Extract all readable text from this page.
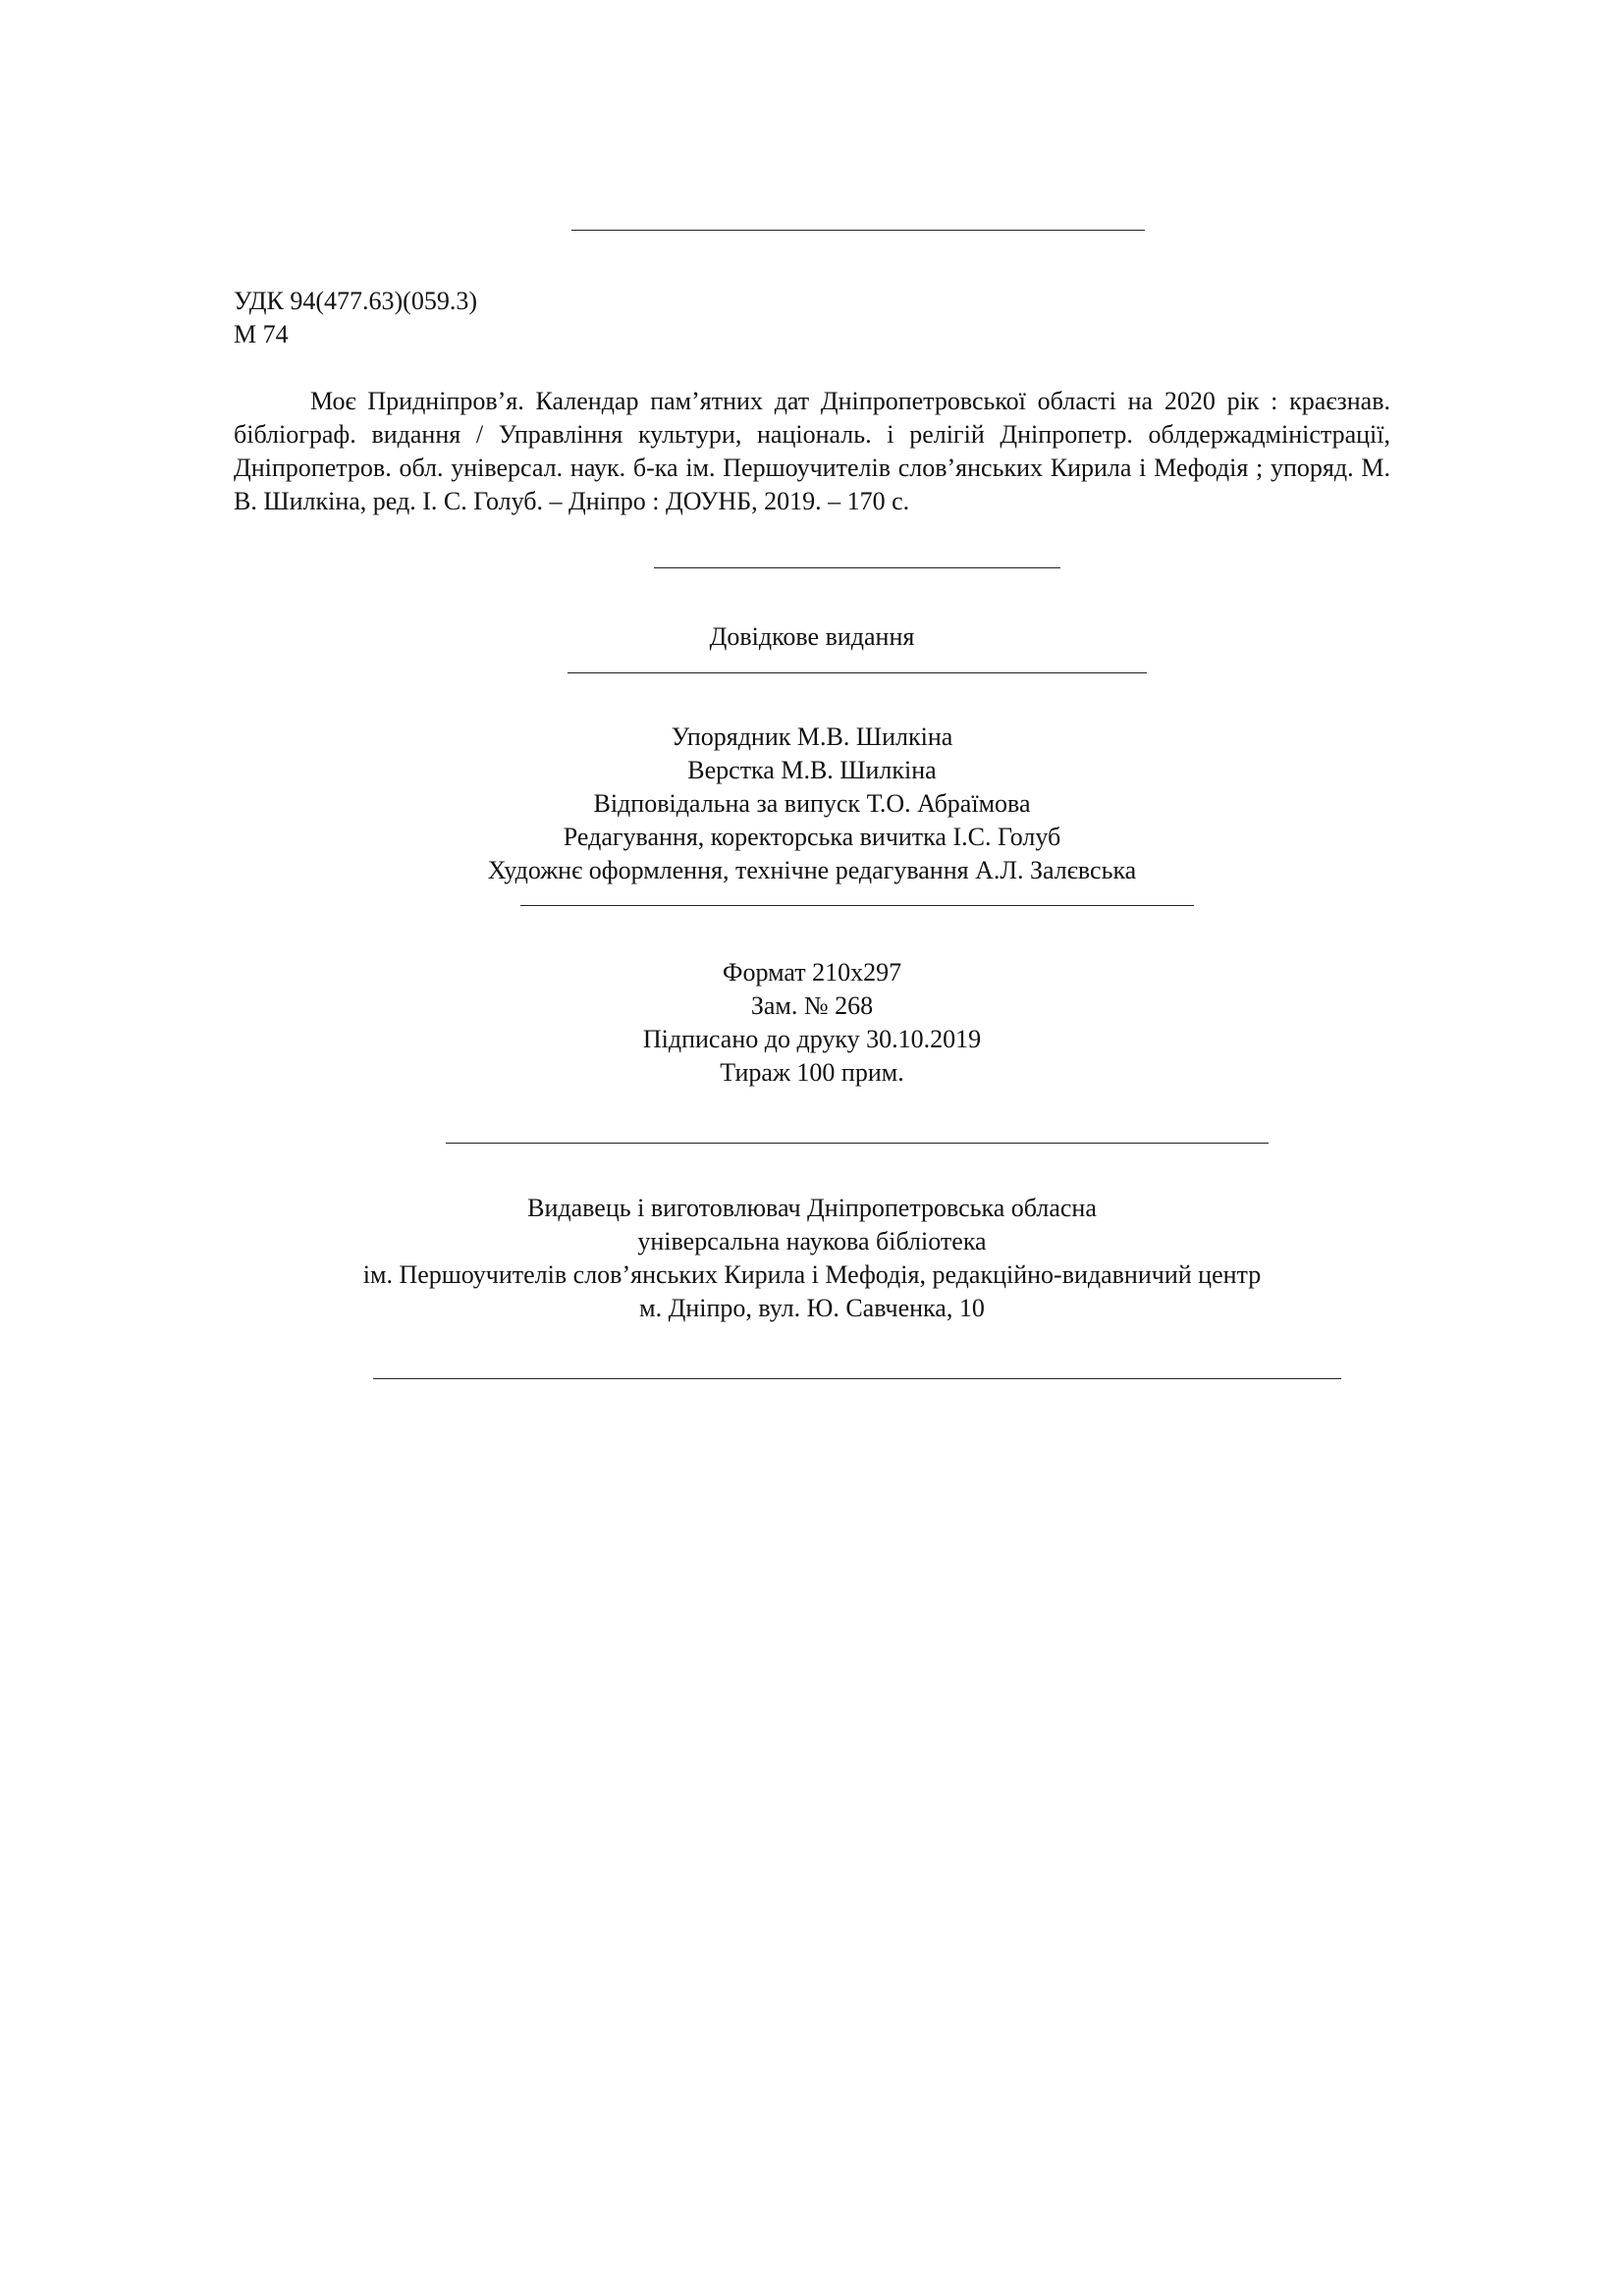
УДК 94(477.63)(059.3)
М 74
Моє Придніпров’я. Календар пам’ятних дат Дніпропетровської області на 2020 рік : краєзнав. бібліограф. видання / Управління культури, національ. і релігій Дніпропетр. облдержадміністрації, Дніпропетров. обл. універсал. наук. б-ка ім. Першоучителів слов’янських Кирила і Мефодія ; упоряд. М. В. Шилкіна, ред. І. С. Голуб. – Дніпро : ДОУНБ, 2019. – 170 с.
Довідкове видання
Упорядник М.В. Шилкіна
Верстка М.В. Шилкіна
Відповідальна за випуск Т.О. Абраїмова
Редагування, коректорська вичитка І.С. Голуб
Художнє оформлення, технічне редагування А.Л. Залєвська
Формат 210х297
Зам. № 268
Підписано до друку 30.10.2019
Тираж 100 прим.
Видавець і виготовлювач Дніпропетровська обласна
універсальна наукова бібліотека
ім. Першоучителів слов’янських Кирила і Мефодія, редакційно-видавничий центр
м. Дніпро, вул. Ю. Савченка, 10
